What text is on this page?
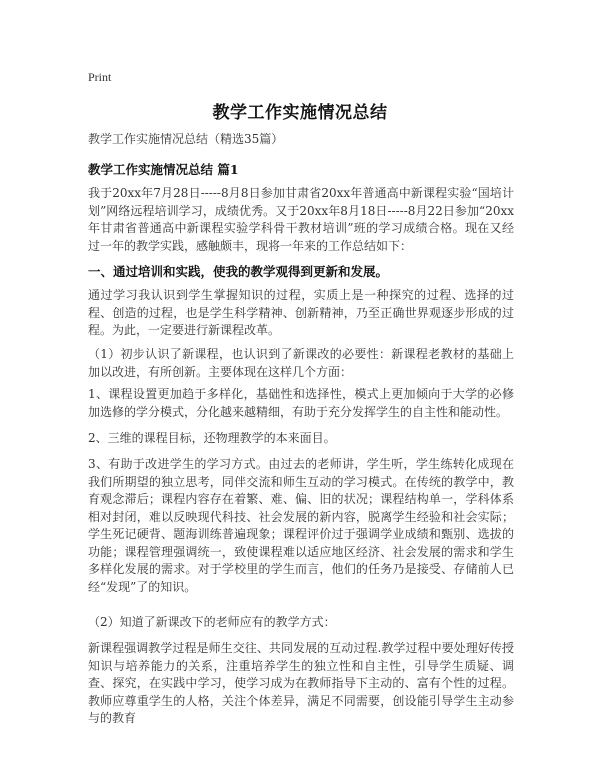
Print
教学工作实施情况总结
教学工作实施情况总结（精选35篇）
教学工作实施情况总结 篇1
我于20xx年7月28日-----8月8日参加甘肃省20xx年普通高中新课程实验“国培计划”网络远程培训学习，成绩优秀。又于20xx年8月18日-----8月22日参加“20xx年甘肃省普通高中新课程实验学科骨干教材培训”班的学习成绩合格。现在又经过一年的教学实践，感触颇丰，现将一年来的工作总结如下：
一、通过培训和实践，使我的教学观得到更新和发展。
通过学习我认识到学生掌握知识的过程，实质上是一种探究的过程、选择的过程、创造的过程，也是学生科学精神、创新精神，乃至正确世界观逐步形成的过程。为此，一定要进行新课程改革。
（1）初步认识了新课程，也认识到了新课改的必要性：新课程老教材的基础上加以改进，有所创新。主要体现在这样几个方面：
1、课程设置更加趋于多样化，基础性和选择性，模式上更加倾向于大学的必修加选修的学分模式，分化越来越精细，有助于充分发挥学生的自主性和能动性。
2、三维的课程目标，还物理教学的本来面目。
3、有助于改进学生的学习方式。由过去的老师讲，学生听，学生练转化成现在我们所期望的独立思考，同伴交流和师生互动的学习模式。在传统的教学中，教育观念滞后；课程内容存在着繁、难、偏、旧的状况；课程结构单一，学科体系相对封闭，难以反映现代科技、社会发展的新内容，脱离学生经验和社会实际；学生死记硬背、题海训练普遍现象；课程评价过于强调学业成绩和甄别、选拔的功能；课程管理强调统一，致使课程难以适应地区经济、社会发展的需求和学生多样化发展的需求。对于学校里的学生而言，他们的任务乃是接受、存储前人已经“发现”了的知识。
（2）知道了新课改下的老师应有的教学方式：
新课程强调教学过程是师生交往、共同发展的互动过程.教学过程中要处理好传授知识与培养能力的关系，注重培养学生的独立性和自主性，引导学生质疑、调查、探究，在实践中学习，使学习成为在教师指导下主动的、富有个性的过程。教师应尊重学生的人格，关注个体差异，满足不同需要，创设能引导学生主动参与的教育
